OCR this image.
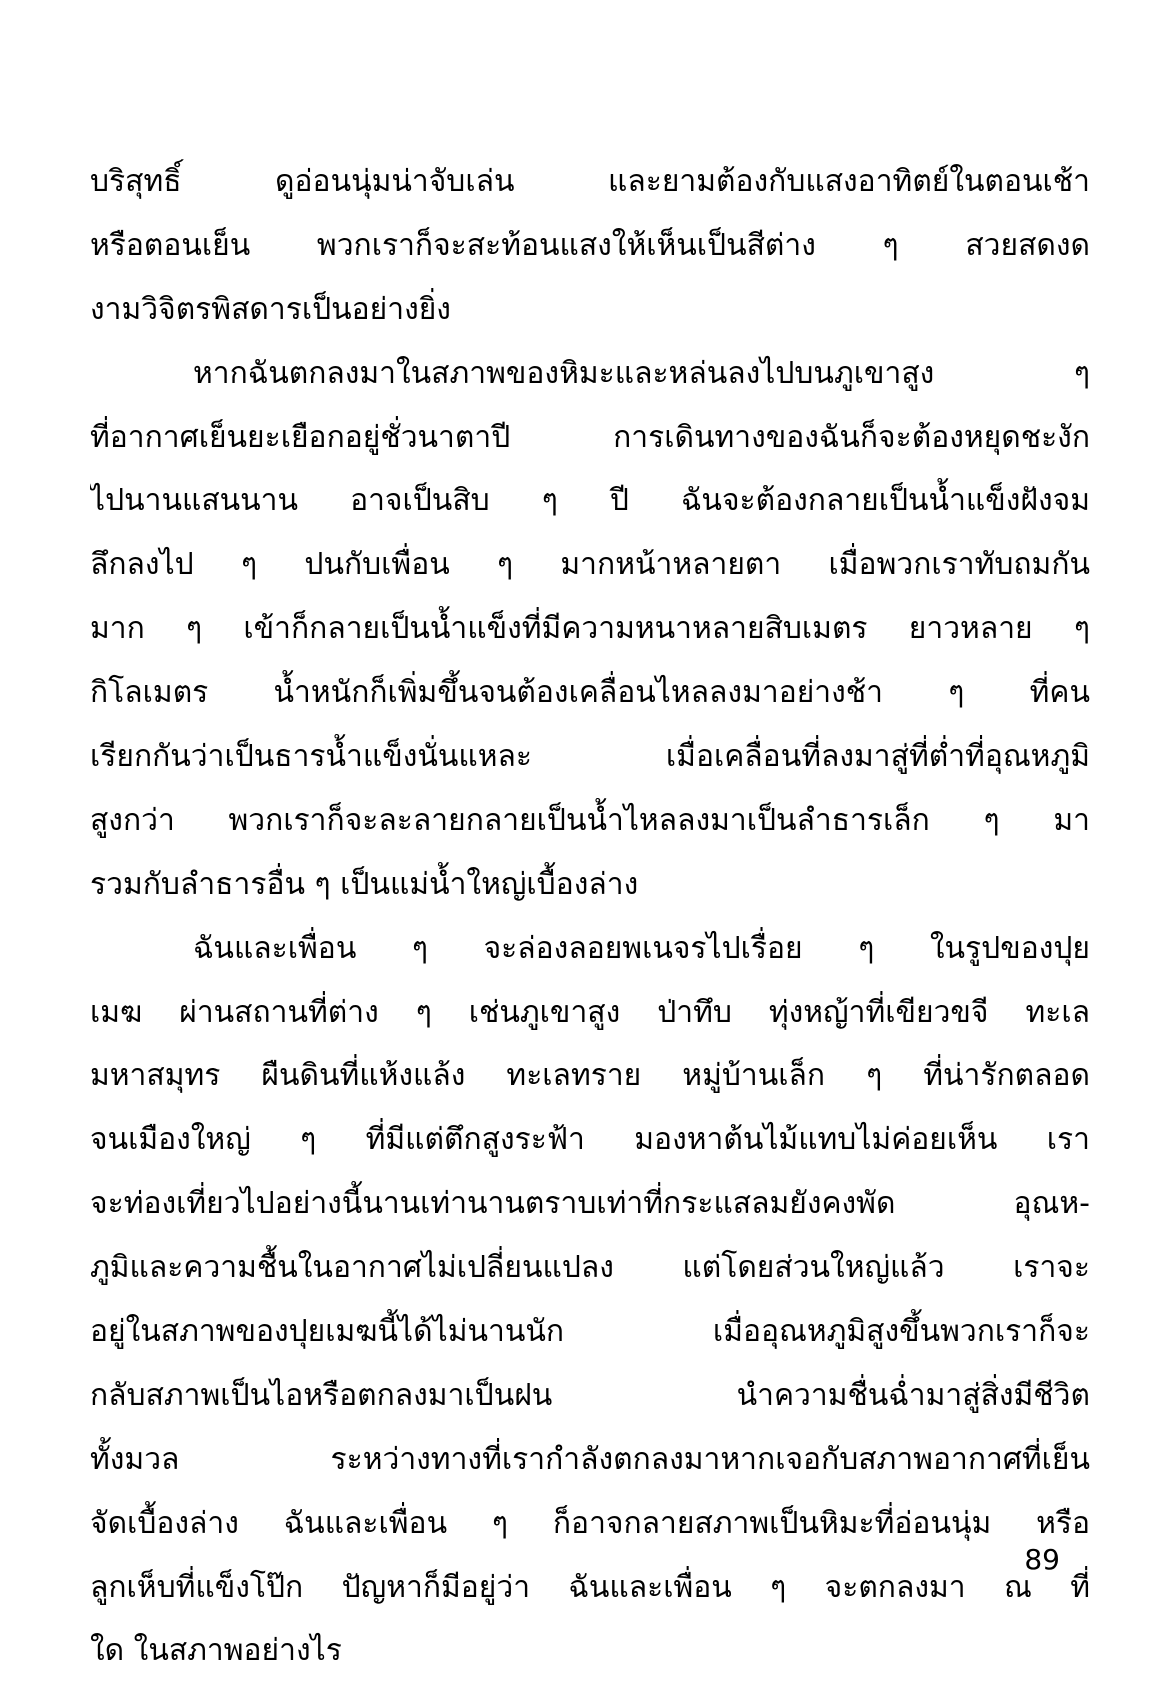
บริสุทธิ์ ดูอ่อนนุ่มน่าจับเล่น และยามต้องกับแสงอาทิตย์ในตอนเช้า
หรือตอนเย็น พวกเราก็จะสะท้อนแสงให้เห็นเป็นสีต่าง ๆ สวยสดงด
งามวิจิตรพิสดารเป็นอย่างยิ่ง
หากฉันตกลงมาในสภาพของหิมะและหล่นลงไปบนภูเขาสูง ๆ
ที่อากาศเย็นยะเยือกอยู่ชั่วนาตาปี การเดินทางของฉันก็จะต้องหยุดชะงัก
ไปนานแสนนาน อาจเป็นสิบ ๆ ปี ฉันจะต้องกลายเป็นน้ำแข็งฝังจม
ลึกลงไป ๆ ปนกับเพื่อน ๆ มากหน้าหลายตา เมื่อพวกเราทับถมกัน
มาก ๆ เข้าก็กลายเป็นน้ำแข็งที่มีความหนาหลายสิบเมตร ยาวหลาย ๆ
กิโลเมตร น้ำหนักก็เพิ่มขึ้นจนต้องเคลื่อนไหลลงมาอย่างช้า ๆ ที่คน
เรียกกันว่าเป็นธารน้ำแข็งนั่นแหละ เมื่อเคลื่อนที่ลงมาสู่ที่ต่ำที่อุณหภูมิ
สูงกว่า พวกเราก็จะละลายกลายเป็นน้ำไหลลงมาเป็นลำธารเล็ก ๆ มา
รวมกับลำธารอื่น ๆ เป็นแม่น้ำใหญ่เบื้องล่าง
ฉันและเพื่อน ๆ จะล่องลอยพเนจรไปเรื่อย ๆ ในรูปของปุย
เมฆ ผ่านสถานที่ต่าง ๆ เช่นภูเขาสูง ป่าทึบ ทุ่งหญ้าที่เขียวขจี ทะเล
มหาสมุทร ผืนดินที่แห้งแล้ง ทะเลทราย หมู่บ้านเล็ก ๆ ที่น่ารักตลอด
จนเมืองใหญ่ ๆ ที่มีแต่ตึกสูงระฟ้า มองหาต้นไม้แทบไม่ค่อยเห็น เรา
จะท่องเที่ยวไปอย่างนี้นานเท่านานตราบเท่าที่กระแสลมยังคงพัด อุณห-
ภูมิและความชื้นในอากาศไม่เปลี่ยนแปลง แต่โดยส่วนใหญ่แล้ว เราจะ
อยู่ในสภาพของปุยเมฆนี้ได้ไม่นานนัก เมื่ออุณหภูมิสูงขึ้นพวกเราก็จะ
กลับสภาพเป็นไอหรือตกลงมาเป็นฝน นำความชื่นฉ่ำมาสู่สิ่งมีชีวิต
ทั้งมวล ระหว่างทางที่เรากำลังตกลงมาหากเจอกับสภาพอากาศที่เย็น
จัดเบื้องล่าง ฉันและเพื่อน ๆ ก็อาจกลายสภาพเป็นหิมะที่อ่อนนุ่ม หรือ
ลูกเห็บที่แข็งโป๊ก ปัญหาก็มีอยู่ว่า ฉันและเพื่อน ๆ จะตกลงมา ณ ที่
ใด ในสภาพอย่างไร
89
